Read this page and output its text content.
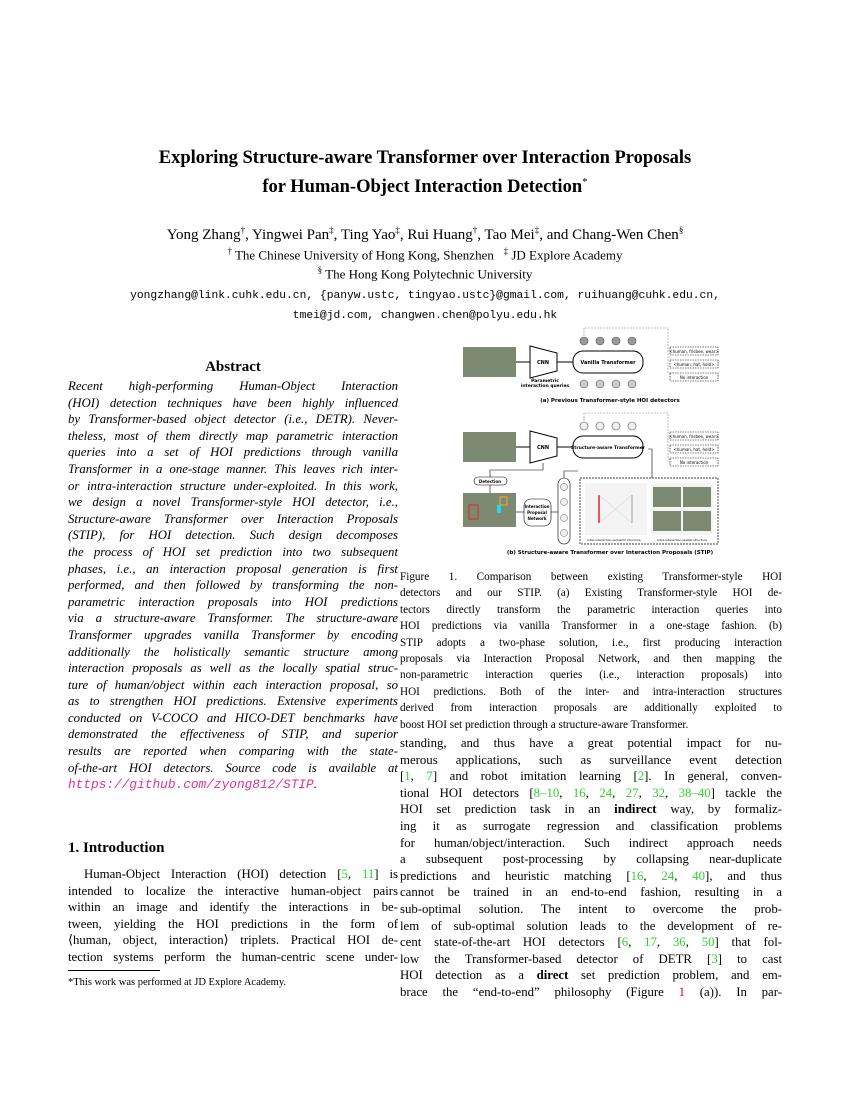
Exploring Structure-aware Transformer over Interaction Proposals
for Human-Object Interaction Detection*
Yong Zhang†, Yingwei Pan‡, Ting Yao‡, Rui Huang†, Tao Mei‡, and Chang-Wen Chen§
† The Chinese University of Hong Kong, Shenzhen ‡ JD Explore Academy
§ The Hong Kong Polytechnic University
yongzhang@link.cuhk.edu.cn, {panyw.ustc, tingyao.ustc}@gmail.com, ruihuang@cuhk.edu.cn,
tmei@jd.com, changwen.chen@polyu.edu.hk
Abstract
Recent high-performing Human-Object Interaction
(HOI) detection techniques have been highly influenced
by Transformer-based object detector (i.e., DETR). Never-
theless, most of them directly map parametric interaction
queries into a set of HOI predictions through vanilla
Transformer in a one-stage manner. This leaves rich inter-
or intra-interaction structure under-exploited. In this work,
we design a novel Transformer-style HOI detector, i.e.,
Structure-aware Transformer over Interaction Proposals
(STIP), for HOI detection. Such design decomposes
the process of HOI set prediction into two subsequent
phases, i.e., an interaction proposal generation is first
performed, and then followed by transforming the non-
parametric interaction proposals into HOI predictions
via a structure-aware Transformer. The structure-aware
Transformer upgrades vanilla Transformer by encoding
additionally the holistically semantic structure among
interaction proposals as well as the locally spatial struc-
ture of human/object within each interaction proposal, so
as to strengthen HOI predictions. Extensive experiments
conducted on V-COCO and HICO-DET benchmarks have
demonstrated the effectiveness of STIP, and superior
results are reported when comparing with the state-
of-the-art HOI detectors. Source code is available at
https://github.com/zyong812/STIP.
1. Introduction
Human-Object Interaction (HOI) detection [5, 11] is
intended to localize the interactive human-object pairs
within an image and identify the interactions in be-
tween, yielding the HOI predictions in the form of
⟨human, object, interaction⟩ triplets. Practical HOI de-
tection systems perform the human-centric scene under-
*This work was performed at JD Explore Academy.
CNN	Vanilla Transformer
Parametric
interaction queries
<human, frisbee, wear>
<human, hat, hold>
No interaction
(a) Previous Transformer-style HOI detectors
CNN	Structure-aware Transformer
<human, frisbee, wear>
<human, hat, hold>
No interaction
Detection
Interaction
Proposal
Network
Inter-interaction semantic structure	Intra-interaction spatial structure
(b) Structure-aware Transformer over Interaction Proposals (STIP)
Figure 1. Comparison between existing Transformer-style HOI
detectors and our STIP. (a) Existing Transformer-style HOI de-
tectors directly transform the parametric interaction queries into
HOI predictions via vanilla Transformer in a one-stage fashion. (b)
STIP adopts a two-phase solution, i.e., first producing interaction
proposals via Interaction Proposal Network, and then mapping the
non-parametric interaction queries (i.e., interaction proposals) into
HOI predictions. Both of the inter- and intra-interaction structures
derived from interaction proposals are additionally exploited to
boost HOI set prediction through a structure-aware Transformer.
standing, and thus have a great potential impact for nu-
merous applications, such as surveillance event detection
[1, 7] and robot imitation learning [2]. In general, conven-
tional HOI detectors [8–10, 16, 24, 27, 32, 38–40] tackle the
HOI set prediction task in an indirect way, by formaliz-
ing it as surrogate regression and classification problems
for human/object/interaction. Such indirect approach needs
a subsequent post-processing by collapsing near-duplicate
predictions and heuristic matching [16, 24, 40], and thus
cannot be trained in an end-to-end fashion, resulting in a
sub-optimal solution. The intent to overcome the prob-
lem of sub-optimal solution leads to the development of re-
cent state-of-the-art HOI detectors [6, 17, 36, 50] that fol-
low the Transformer-based detector of DETR [3] to cast
HOI detection as a direct set prediction problem, and em-
brace the “end-to-end” philosophy (Figure 1 (a)). In par-
